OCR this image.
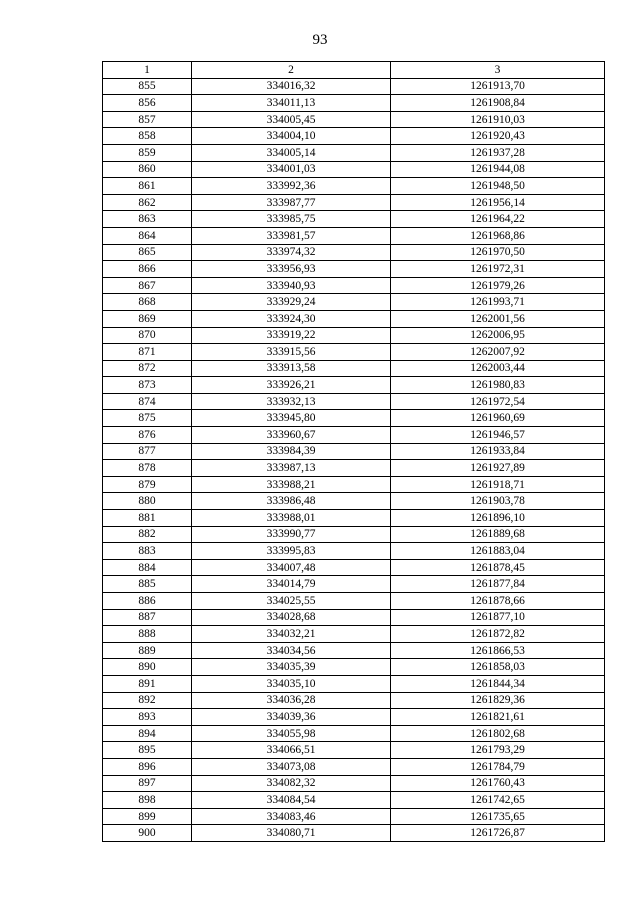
93
1	2	3
855	334016,32	1261913,70
856	334011,13	1261908,84
857	334005,45	1261910,03
858	334004,10	1261920,43
859	334005,14	1261937,28
860	334001,03	1261944,08
861	333992,36	1261948,50
862	333987,77	1261956,14
863	333985,75	1261964,22
864	333981,57	1261968,86
865	333974,32	1261970,50
866	333956,93	1261972,31
867	333940,93	1261979,26
868	333929,24	1261993,71
869	333924,30	1262001,56
870	333919,22	1262006,95
871	333915,56	1262007,92
872	333913,58	1262003,44
873	333926,21	1261980,83
874	333932,13	1261972,54
875	333945,80	1261960,69
876	333960,67	1261946,57
877	333984,39	1261933,84
878	333987,13	1261927,89
879	333988,21	1261918,71
880	333986,48	1261903,78
881	333988,01	1261896,10
882	333990,77	1261889,68
883	333995,83	1261883,04
884	334007,48	1261878,45
885	334014,79	1261877,84
886	334025,55	1261878,66
887	334028,68	1261877,10
888	334032,21	1261872,82
889	334034,56	1261866,53
890	334035,39	1261858,03
891	334035,10	1261844,34
892	334036,28	1261829,36
893	334039,36	1261821,61
894	334055,98	1261802,68
895	334066,51	1261793,29
896	334073,08	1261784,79
897	334082,32	1261760,43
898	334084,54	1261742,65
899	334083,46	1261735,65
900	334080,71	1261726,87
